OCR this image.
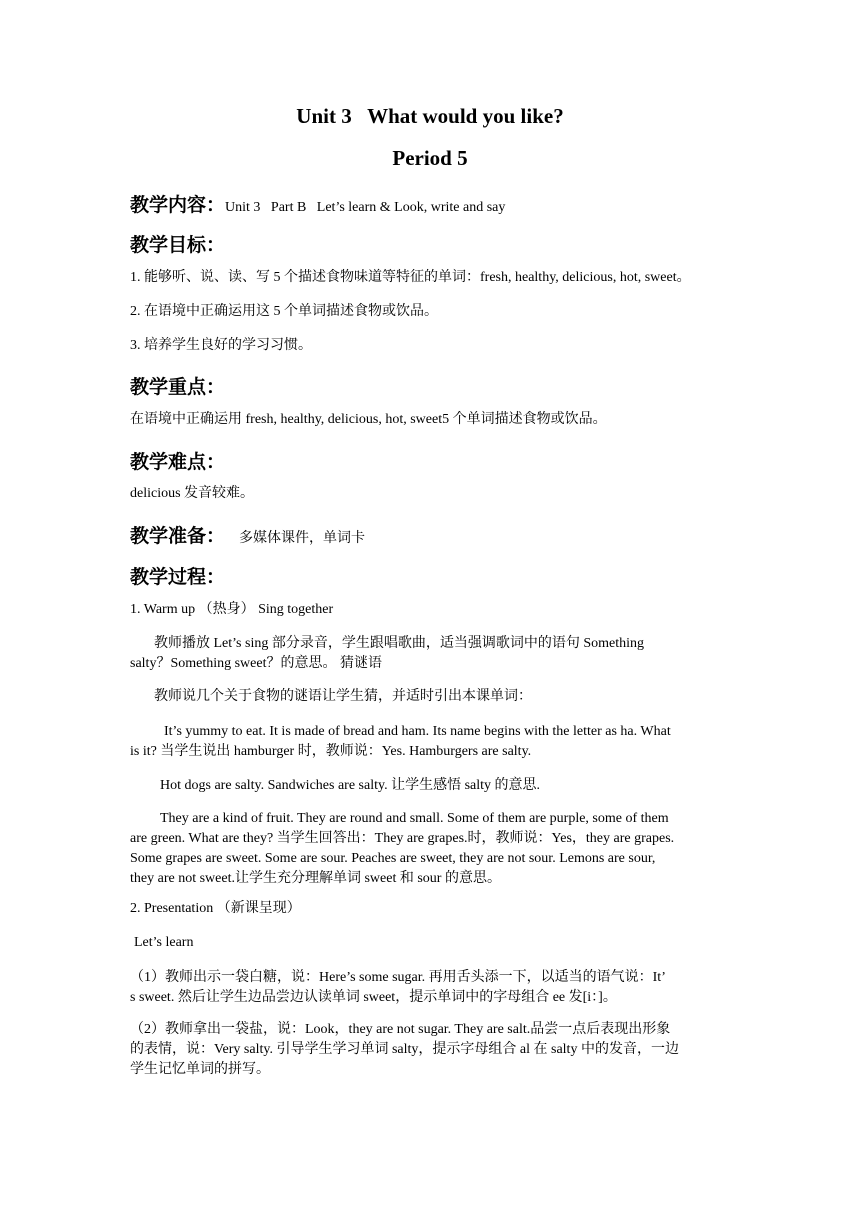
Unit 3   What would you like?
Period 5
教学内容：Unit 3   Part B   Let’s learn & Look, write and say
教学目标：
1. 能够听、说、读、写 5 个描述食物味道等特征的单词：fresh, healthy, delicious, hot, sweet。
2. 在语境中正确运用这 5 个单词描述食物或饮品。
3. 培养学生良好的学习习惯。
教学重点：
在语境中正确运用 fresh, healthy, delicious, hot, sweet5 个单词描述食物或饮品。
教学难点：
delicious 发音较难。
教学准备： 多媒体课件，单词卡
教学过程：
1. Warm up （热身） Sing together
教师播放 Let’s sing 部分录音，学生跟唱歌曲，适当强调歌词中的语句 Something
salty？Something sweet？的意思。 猜谜语
教师说几个关于食物的谜语让学生猜，并适时引出本课单词：
It’s yummy to eat. It is made of bread and ham. Its name begins with the letter as ha. What
is it? 当学生说出 hamburger 时，教师说：Yes. Hamburgers are salty.
Hot dogs are salty. Sandwiches are salty. 让学生感悟 salty 的意思.
They are a kind of fruit. They are round and small. Some of them are purple, some of them
are green. What are they? 当学生回答出：They are grapes.时，教师说：Yes，they are grapes.
Some grapes are sweet. Some are sour. Peaches are sweet, they are not sour. Lemons are sour,
they are not sweet.让学生充分理解单词 sweet 和 sour 的意思。
2. Presentation （新课呈现）
Let’s learn
（1）教师出示一袋白糖，说：Here’s some sugar. 再用舌头添一下，以适当的语气说：It’
s sweet. 然后让学生边品尝边认读单词 sweet，提示单词中的字母组合 ee 发[i：]。
（2）教师拿出一袋盐，说：Look，they are not sugar. They are salt.品尝一点后表现出形象
的表情，说：Very salty. 引导学生学习单词 salty，提示字母组合 al 在 salty 中的发音，一边
学生记忆单词的拼写。
